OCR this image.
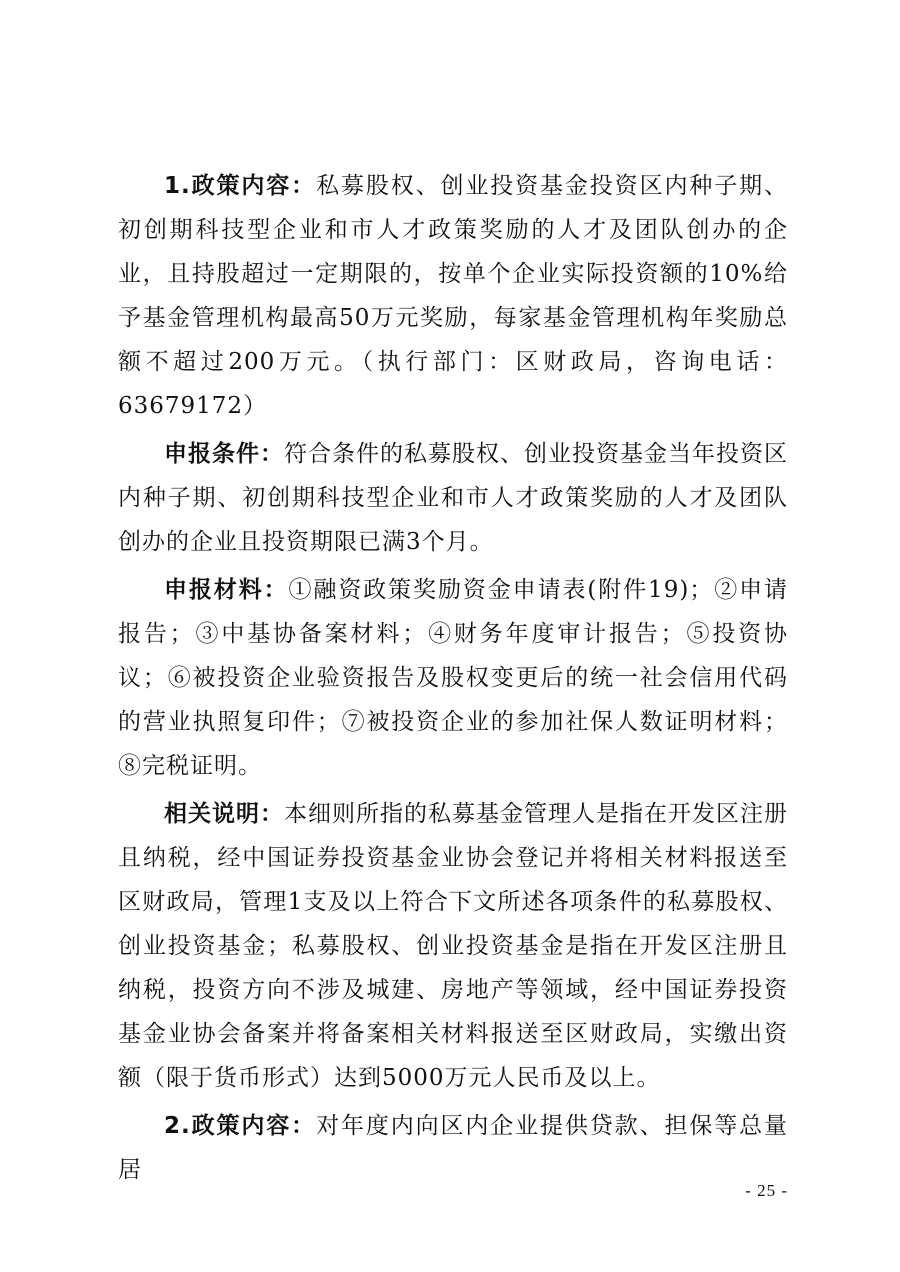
1.政策内容：私募股权、创业投资基金投资区内种子期、初创期科技型企业和市人才政策奖励的人才及团队创办的企业，且持股超过一定期限的，按单个企业实际投资额的10%给予基金管理机构最高50万元奖励，每家基金管理机构年奖励总额不超过200万元。（执行部门：区财政局，咨询电话：63679172）

申报条件：符合条件的私募股权、创业投资基金当年投资区内种子期、初创期科技型企业和市人才政策奖励的人才及团队创办的企业且投资期限已满3个月。

申报材料：①融资政策奖励资金申请表(附件19)；②申请报告；③中基协备案材料；④财务年度审计报告；⑤投资协议；⑥被投资企业验资报告及股权变更后的统一社会信用代码的营业执照复印件；⑦被投资企业的参加社保人数证明材料；⑧完税证明。

相关说明：本细则所指的私募基金管理人是指在开发区注册且纳税，经中国证券投资基金业协会登记并将相关材料报送至区财政局，管理1支及以上符合下文所述各项条件的私募股权、创业投资基金；私募股权、创业投资基金是指在开发区注册且纳税，投资方向不涉及城建、房地产等领域，经中国证券投资基金业协会备案并将备案相关材料报送至区财政局，实缴出资额（限于货币形式）达到5000万元人民币及以上。

2.政策内容：对年度内向区内企业提供贷款、担保等总量居

- 25 -
